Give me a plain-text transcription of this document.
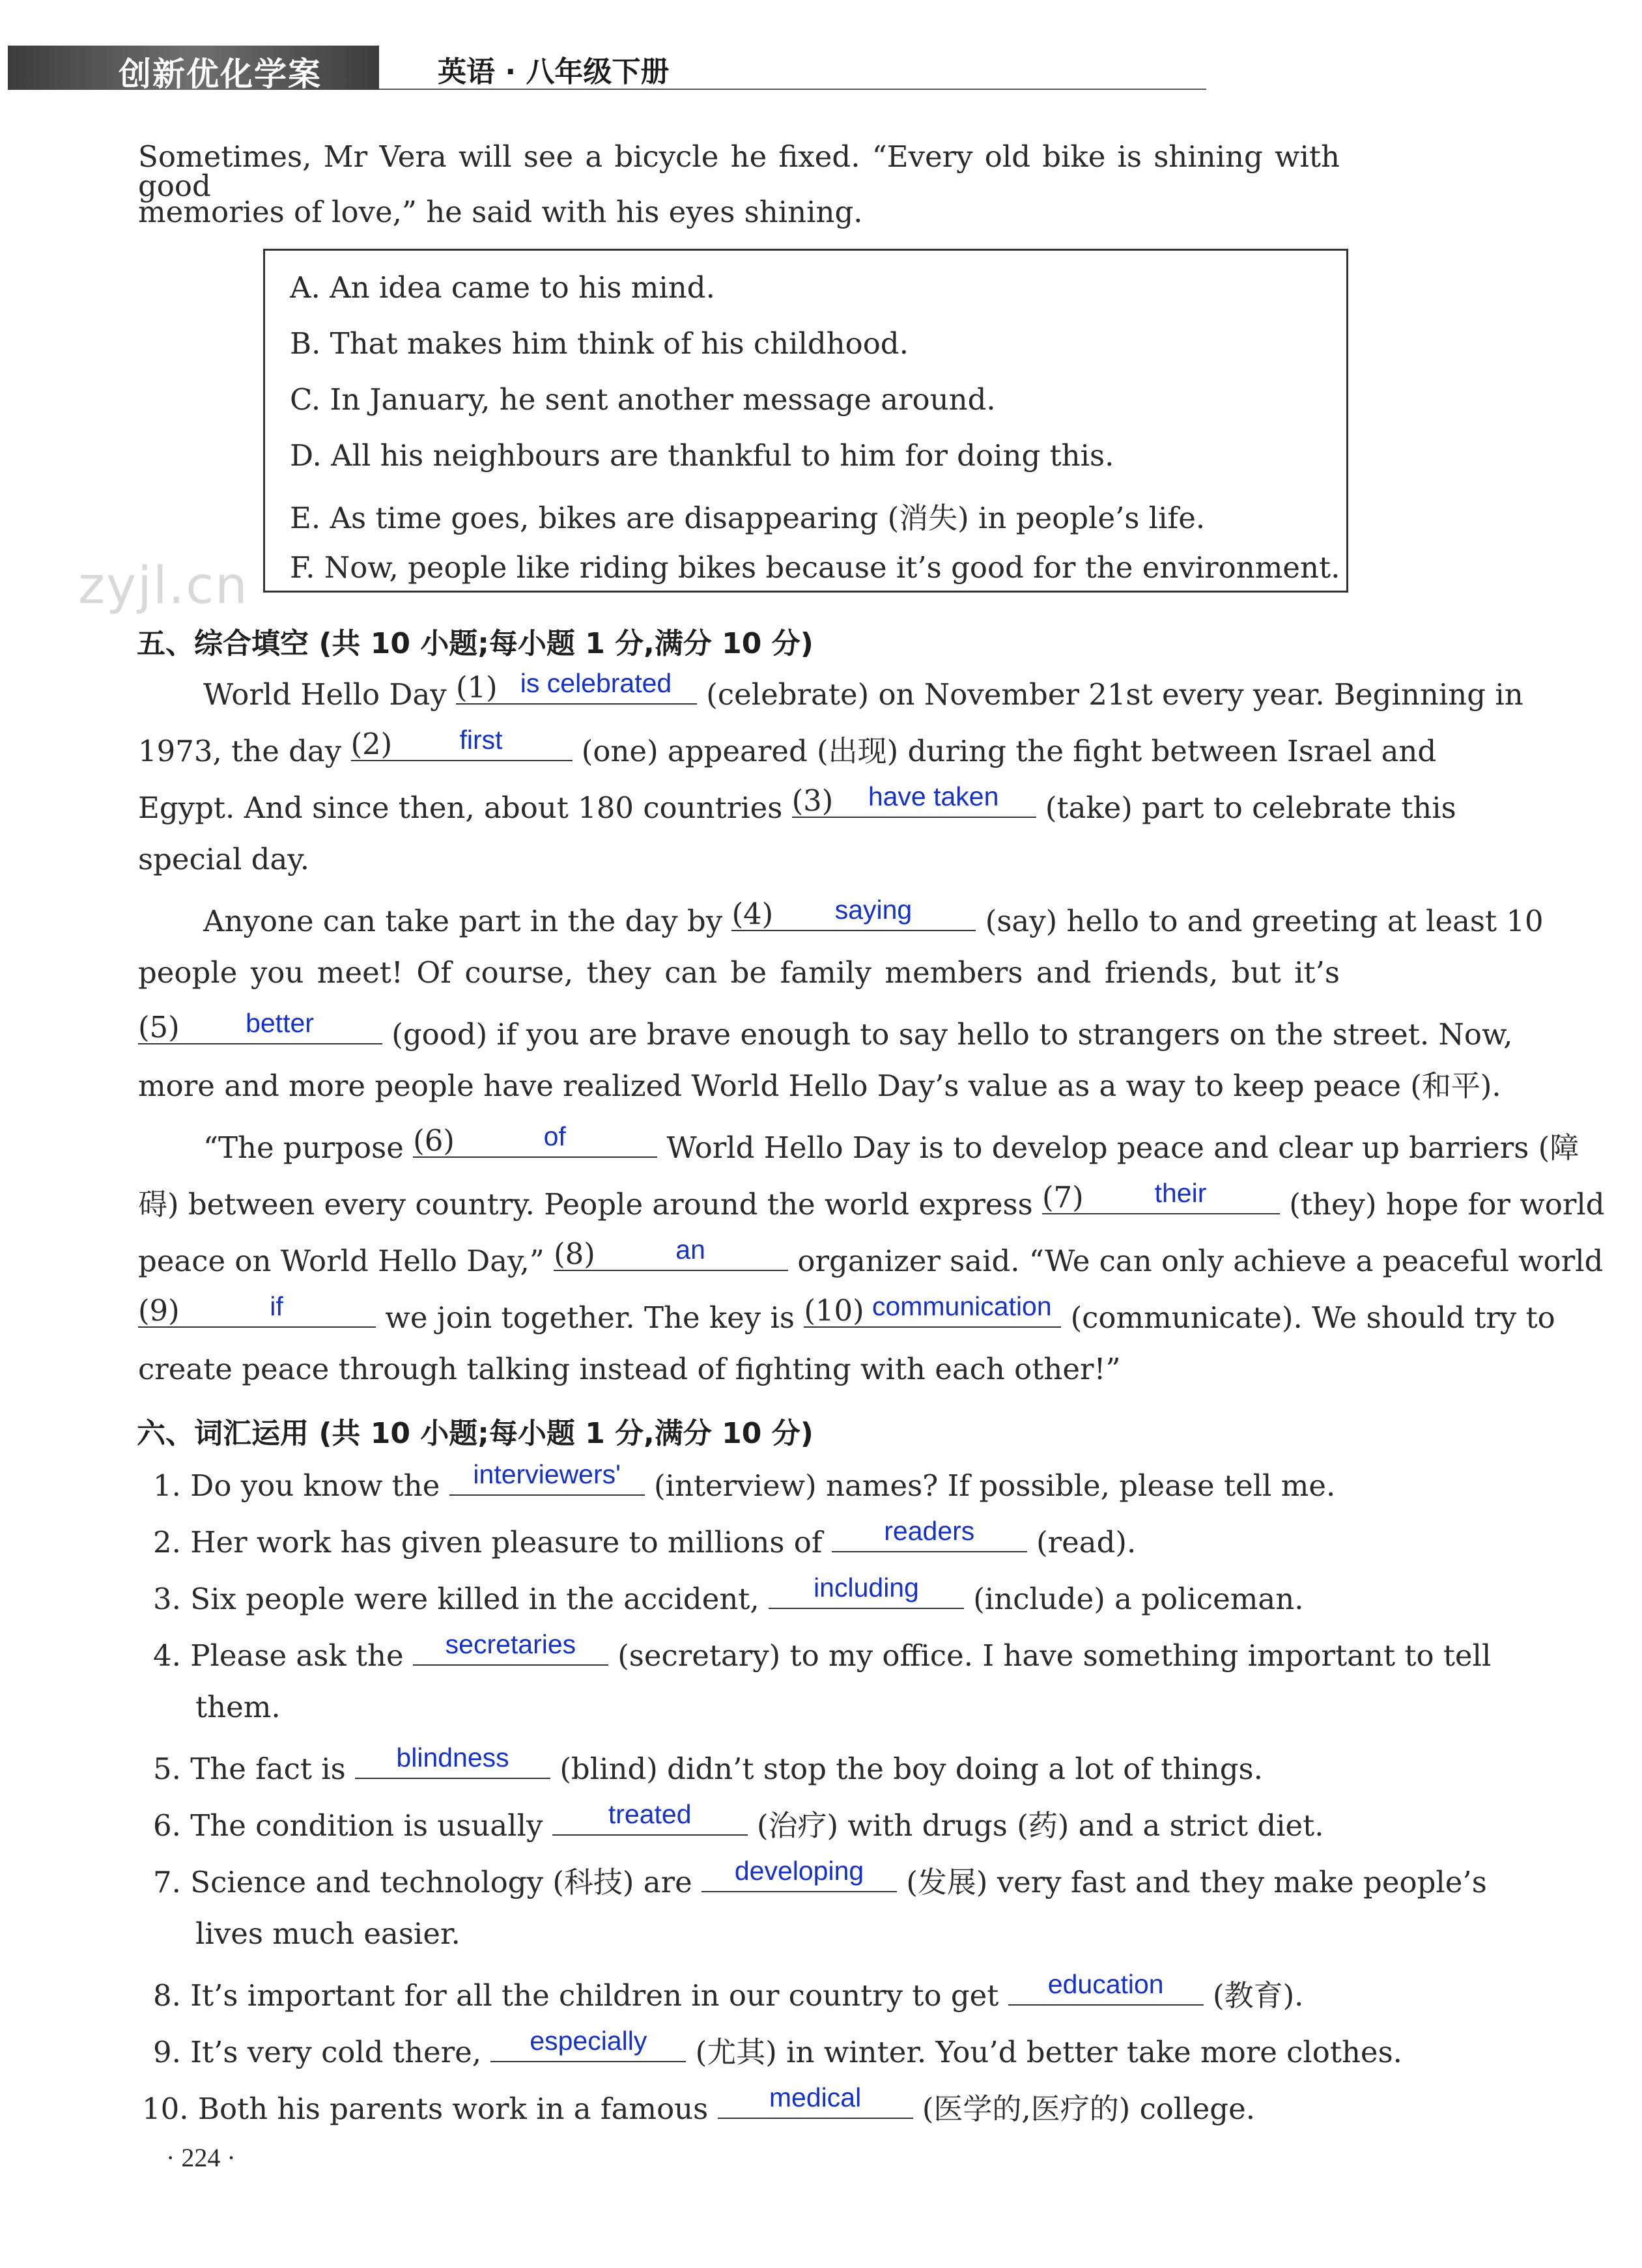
创新优化学案	英语 · 八年级下册
zyjl.cn
Sometimes, Mr Vera will see a bicycle he fixed. “Every old bike is shining with good
memories of love,” he said with his eyes shining.
A. An idea came to his mind.
B. That makes him think of his childhood.
C. In January, he sent another message around.
D. All his neighbours are thankful to him for doing this.
E. As time goes, bikes are disappearing (消失) in people’s life.
F. Now, people like riding bikes because it’s good for the environment.
五、综合填空 (共 10 小题;每小题 1 分,满分 10 分)
World Hello Day (1) is celebrated (celebrate) on November 21st every year. Beginning in
1973, the day (2)	first	(one) appeared (出现) during the fight between Israel and
Egypt. And since then, about 180 countries (3)	have taken	(take) part to celebrate this
special day.
Anyone can take part in the day by (4)	saying	(say) hello to and greeting at least 10
people you meet! Of course, they can be family members and friends, but it’s
(5)	better	(good) if you are brave enough to say hello to strangers on the street. Now,
more and more people have realized World Hello Day’s value as a way to keep peace (和平).
“The purpose (6)	of	World Hello Day is to develop peace and clear up barriers (障
碍) between every country. People around the world express (7)	their	(they) hope for world
peace on World Hello Day,” (8)	an	organizer said. “We can only achieve a peaceful world
(9)	if	we join together. The key is (10) communication (communicate). We should try to
create peace through talking instead of fighting with each other!”
六、词汇运用 (共 10 小题;每小题 1 分,满分 10 分)
1. Do you know the interviewers' (interview) names? If possible, please tell me.
2. Her work has given pleasure to millions of	readers	(read).
3. Six people were killed in the accident,	including	(include) a policeman.
4. Please ask the	secretaries	(secretary) to my office. I have something important to tell
them.
5. The fact is	blindness	(blind) didn’t stop the boy doing a lot of things.
6. The condition is usually	treated	(治疗) with drugs (药) and a strict diet.
7. Science and technology (科技) are	developing	(发展) very fast and they make people’s
lives much easier.
8. It’s important for all the children in our country to get	education	(教育).
9. It’s very cold there,	especially	(尤其) in winter. You’d better take more clothes.
10. Both his parents work in a famous	medical	(医学的,医疗的) college.
· 224 ·
